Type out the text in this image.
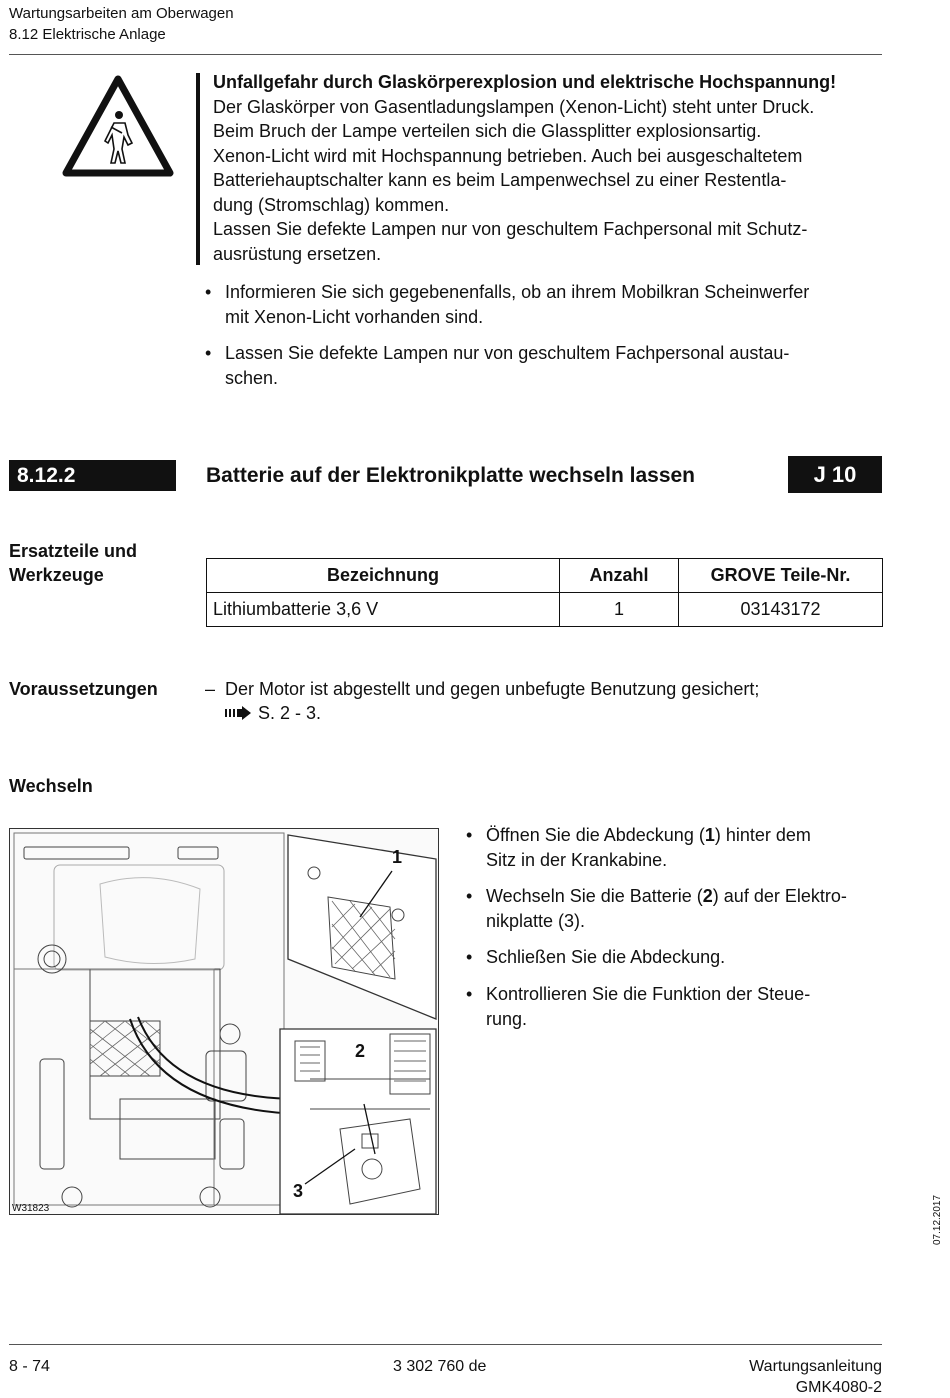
Wartungsarbeiten am Oberwagen
8.12 Elektrische Anlage
Unfallgefahr durch Glaskörperexplosion und elektrische Hochspannung!
Der Glaskörper von Gasentladungslampen (Xenon-Licht) steht unter Druck.
Beim Bruch der Lampe verteilen sich die Glassplitter explosionsartig.
Xenon-Licht wird mit Hochspannung betrieben. Auch bei ausgeschaltetem
Batteriehauptschalter kann es beim Lampenwechsel zu einer Restentla-
dung (Stromschlag) kommen.
Lassen Sie defekte Lampen nur von geschultem Fachpersonal mit Schutz-
ausrüstung ersetzen.
• Informieren Sie sich gegebenenfalls, ob an ihrem Mobilkran Scheinwerfer
mit Xenon-Licht vorhanden sind.
• Lassen Sie defekte Lampen nur von geschultem Fachpersonal austau-
schen.
8.12.2	Batterie auf der Elektronikplatte wechseln lassen	J 10
Ersatzteile und
Werkzeuge	Bezeichnung	Anzahl	GROVE Teile-Nr.
Lithiumbatterie 3,6 V	1	03143172
Voraussetzungen	– Der Motor ist abgestellt und gegen unbefugte Benutzung gesichert;
S. 2 - 3.
Wechseln
1
2
3
W31823
• Öffnen Sie die Abdeckung (1) hinter dem
Sitz in der Krankabine.
• Wechseln Sie die Batterie (2) auf der Elektro-
nikplatte (3).
• Schließen Sie die Abdeckung.
• Kontrollieren Sie die Funktion der Steue-
rung.
07.12.2017
8 - 74	3 302 760 de	Wartungsanleitung
GMK4080-2
